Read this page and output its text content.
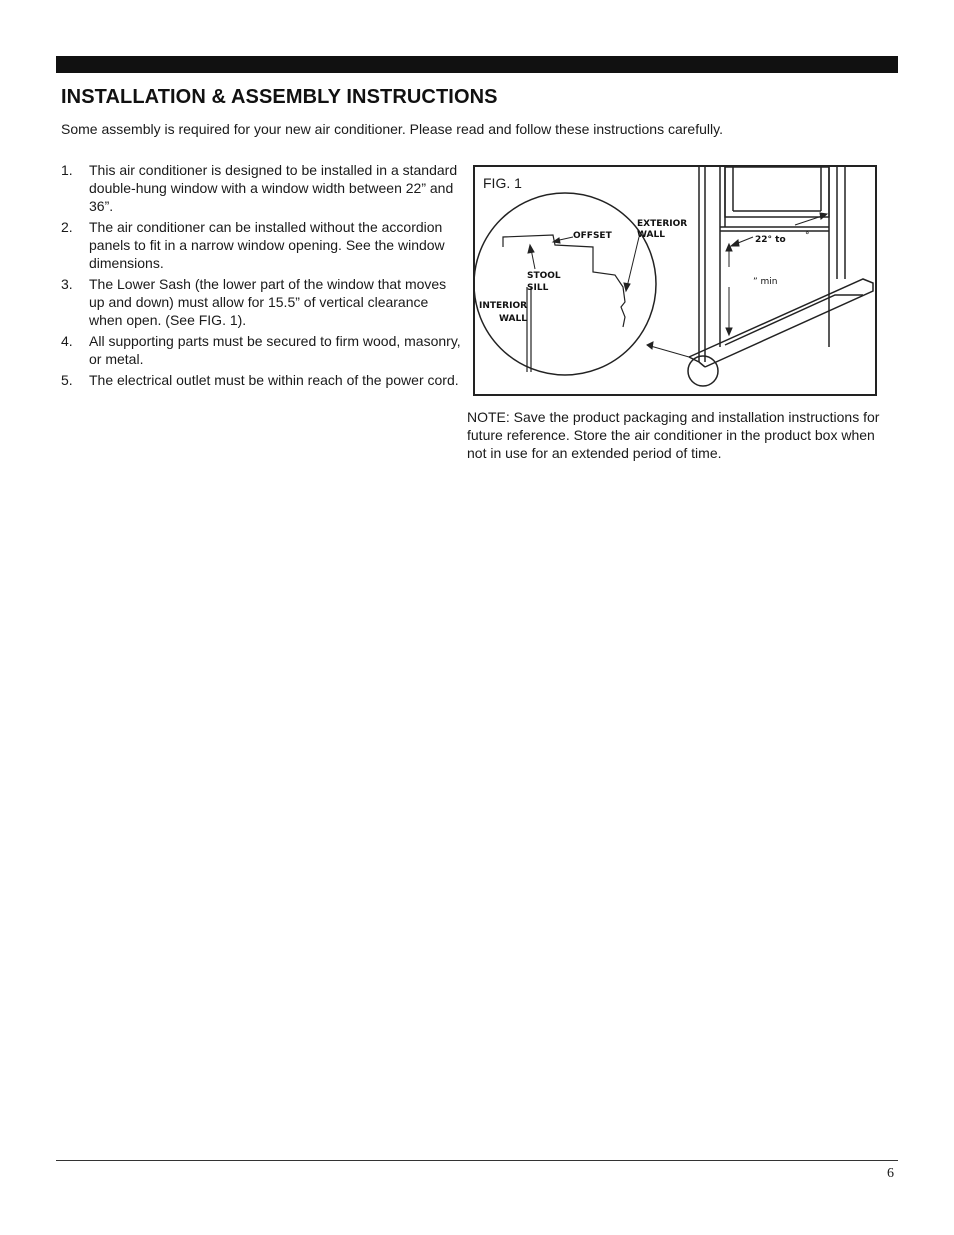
INSTALLATION & ASSEMBLY INSTRUCTIONS

Some assembly is required for your new air conditioner. Please read and follow these instructions carefully.

1.	This air conditioner is designed to be installed in a standard double-hung window with a window width between 22” and 36”.
2.	The air conditioner can be installed without the accordion panels to fit in a narrow window opening. See the window dimensions.
3.	The Lower Sash (the lower part of the window that moves up and down) must allow for 15.5” of vertical clearance when open. (See FIG. 1).
4.	All supporting parts must be secured to firm wood, masonry, or metal.
5.	The electrical outlet must be within reach of the power cord.
22° to °
” min
OFFSET
EXTERIOR
WALL
STOOL
SILL
INTERIOR
WALL
FIG. 1

NOTE: Save the product packaging and installation instructions for future reference. Store the air conditioner in the product box when not in use for an extended period of time.

6
